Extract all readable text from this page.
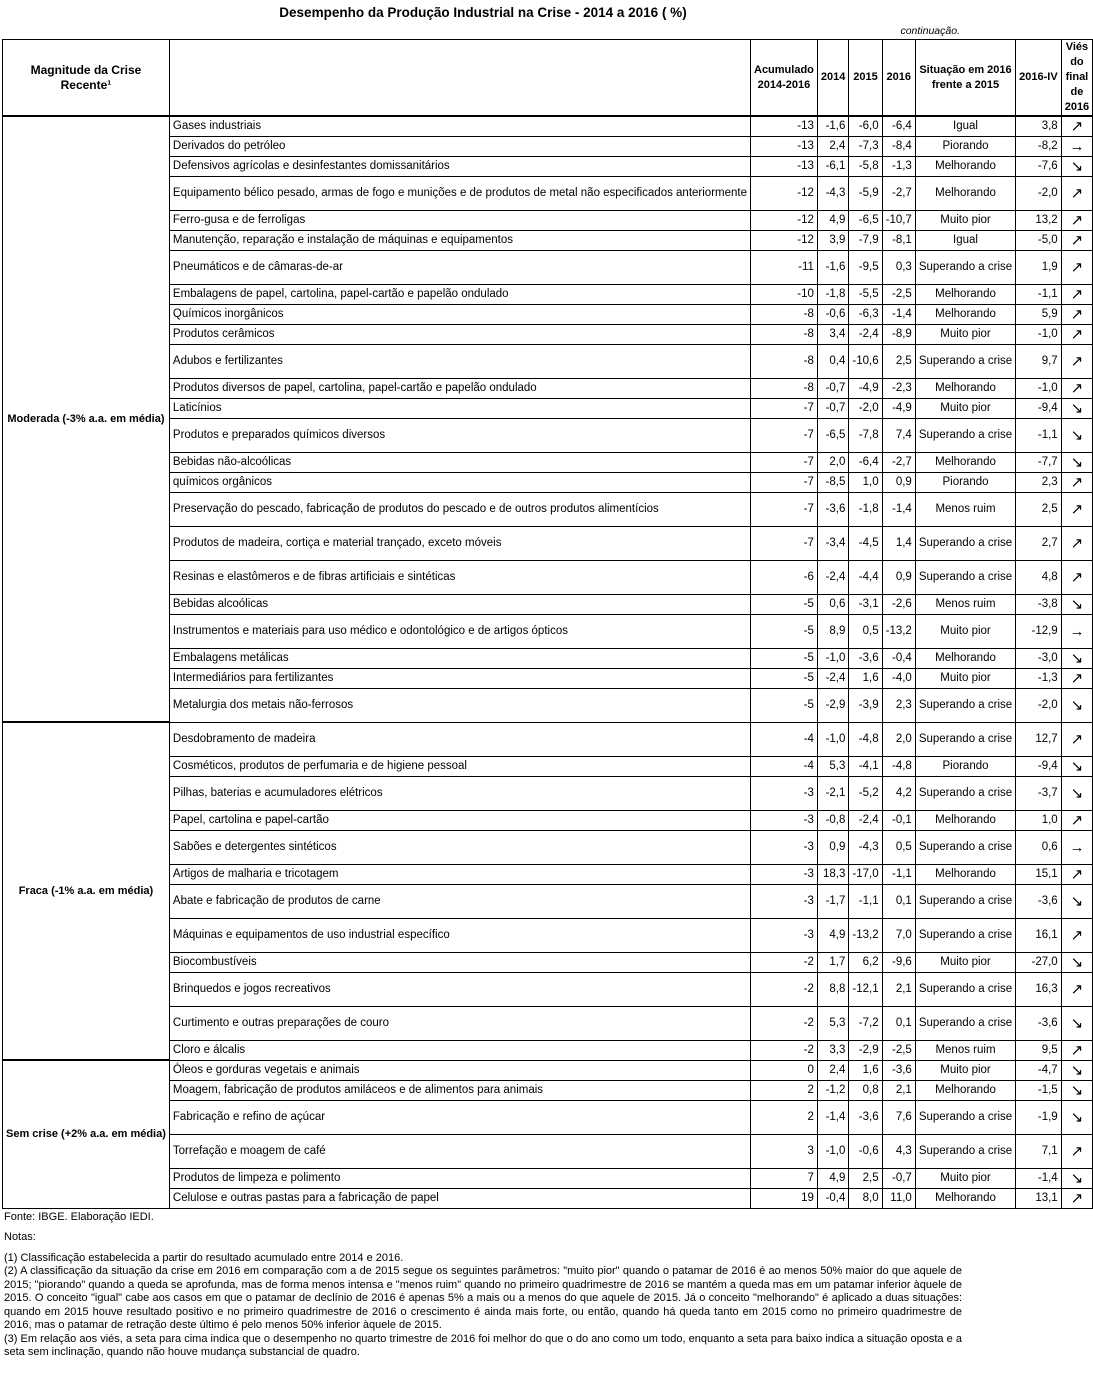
Desempenho da Produção Industrial na Crise - 2014 a 2016 ( %)
continuação.
Magnitude da Crise Recente¹		Acumulado 2014-2016	2014	2015	2016	Situação em 2016 frente a 2015	2016-IV	Viés do final de 2016
Moderada (-3% a.a. em média)	Gases industriais	-13	-1,6	-6,0	-6,4	Igual	3,8	↗
	Derivados do petróleo	-13	2,4	-7,3	-8,4	Piorando	-8,2	→
	Defensivos agrícolas e desinfestantes domissanitários	-13	-6,1	-5,8	-1,3	Melhorando	-7,6	↘
	Equipamento bélico pesado, armas de fogo e munições e de produtos de metal não especificados anteriormente	-12	-4,3	-5,9	-2,7	Melhorando	-2,0	↗
	Ferro-gusa e de ferroligas	-12	4,9	-6,5	-10,7	Muito pior	13,2	↗
	Manutenção, reparação e instalação de máquinas e equipamentos	-12	3,9	-7,9	-8,1	Igual	-5,0	↗
	Pneumáticos e de câmaras-de-ar	-11	-1,6	-9,5	0,3	Superando a crise	1,9	↗
	Embalagens de papel, cartolina, papel-cartão e papelão ondulado	-10	-1,8	-5,5	-2,5	Melhorando	-1,1	↗
	Químicos inorgânicos	-8	-0,6	-6,3	-1,4	Melhorando	5,9	↗
	Produtos cerâmicos	-8	3,4	-2,4	-8,9	Muito pior	-1,0	↗
	Adubos e fertilizantes	-8	0,4	-10,6	2,5	Superando a crise	9,7	↗
	Produtos diversos de papel, cartolina, papel-cartão e papelão ondulado	-8	-0,7	-4,9	-2,3	Melhorando	-1,0	↗
	Laticínios	-7	-0,7	-2,0	-4,9	Muito pior	-9,4	↘
	Produtos e preparados químicos diversos	-7	-6,5	-7,8	7,4	Superando a crise	-1,1	↘
	Bebidas não-alcoólicas	-7	2,0	-6,4	-2,7	Melhorando	-7,7	↘
	químicos orgânicos	-7	-8,5	1,0	0,9	Piorando	2,3	↗
	Preservação do pescado, fabricação de produtos do pescado e de outros produtos alimentícios	-7	-3,6	-1,8	-1,4	Menos ruim	2,5	↗
	Produtos de madeira, cortiça e material trançado, exceto móveis	-7	-3,4	-4,5	1,4	Superando a crise	2,7	↗
	Resinas e elastômeros e de fibras artificiais e sintéticas	-6	-2,4	-4,4	0,9	Superando a crise	4,8	↗
	Bebidas alcoólicas	-5	0,6	-3,1	-2,6	Menos ruim	-3,8	↘
	Instrumentos e materiais para uso médico e odontológico e de artigos ópticos	-5	8,9	0,5	-13,2	Muito pior	-12,9	→
	Embalagens metálicas	-5	-1,0	-3,6	-0,4	Melhorando	-3,0	↘
	Intermediários para fertilizantes	-5	-2,4	1,6	-4,0	Muito pior	-1,3	↗
	Metalurgia dos metais não-ferrosos	-5	-2,9	-3,9	2,3	Superando a crise	-2,0	↘
Fraca (-1% a.a. em média)	Desdobramento de madeira	-4	-1,0	-4,8	2,0	Superando a crise	12,7	↗
	Cosméticos, produtos de perfumaria e de higiene pessoal	-4	5,3	-4,1	-4,8	Piorando	-9,4	↘
	Pilhas, baterias e acumuladores elétricos	-3	-2,1	-5,2	4,2	Superando a crise	-3,7	↘
	Papel, cartolina e papel-cartão	-3	-0,8	-2,4	-0,1	Melhorando	1,0	↗
	Sabões e detergentes sintéticos	-3	0,9	-4,3	0,5	Superando a crise	0,6	→
	Artigos de malharia e tricotagem	-3	18,3	-17,0	-1,1	Melhorando	15,1	↗
	Abate e fabricação de produtos de carne	-3	-1,7	-1,1	0,1	Superando a crise	-3,6	↘
	Máquinas e equipamentos de uso industrial específico	-3	4,9	-13,2	7,0	Superando a crise	16,1	↗
	Biocombustíveis	-2	1,7	6,2	-9,6	Muito pior	-27,0	↘
	Brinquedos e jogos recreativos	-2	8,8	-12,1	2,1	Superando a crise	16,3	↗
	Curtimento e outras preparações de couro	-2	5,3	-7,2	0,1	Superando a crise	-3,6	↘
	Cloro e álcalis	-2	3,3	-2,9	-2,5	Menos ruim	9,5	↗
Sem crise (+2% a.a. em média)	Óleos e gorduras vegetais e animais	0	2,4	1,6	-3,6	Muito pior	-4,7	↘
	Moagem, fabricação de produtos amiláceos e de alimentos para animais	2	-1,2	0,8	2,1	Melhorando	-1,5	↘
	Fabricação e refino de açúcar	2	-1,4	-3,6	7,6	Superando a crise	-1,9	↘
	Torrefação e moagem de café	3	-1,0	-0,6	4,3	Superando a crise	7,1	↗
	Produtos de limpeza e polimento	7	4,9	2,5	-0,7	Muito pior	-1,4	↘
	Celulose e outras pastas para a fabricação de papel	19	-0,4	8,0	11,0	Melhorando	13,1	↗

Fonte: IBGE. Elaboração IEDI.

Notas:

(1) Classificação estabelecida a partir do resultado acumulado entre 2014 e 2016.

(2) A classificação da situação da crise em 2016 em comparação com a de 2015 segue os seguintes parâmetros: "muito pior" quando o patamar de 2016 é ao menos 50% maior do que aquele de 2015; "piorando" quando a queda se aprofunda, mas de forma menos intensa e "menos ruim" quando no primeiro quadrimestre de 2016 se mantém a queda mas em um patamar inferior àquele de 2015. O conceito "igual" cabe aos casos em que o patamar de declínio de 2016 é apenas 5% a mais ou a menos do que aquele de 2015. Já o conceito "melhorando" é aplicado a duas situações: quando em 2015 houve resultado positivo e no primeiro quadrimestre de 2016 o crescimento é ainda mais forte, ou então, quando há queda tanto em 2015 como no primeiro quadrimestre de 2016, mas o patamar de retração deste último é pelo menos 50% inferior àquele de 2015.

(3) Em relação aos viés, a seta para cima indica que o desempenho no quarto trimestre de 2016 foi melhor do que o do ano como um todo, enquanto a seta para baixo indica a situação oposta e a seta sem inclinação, quando não houve mudança substancial de quadro.
